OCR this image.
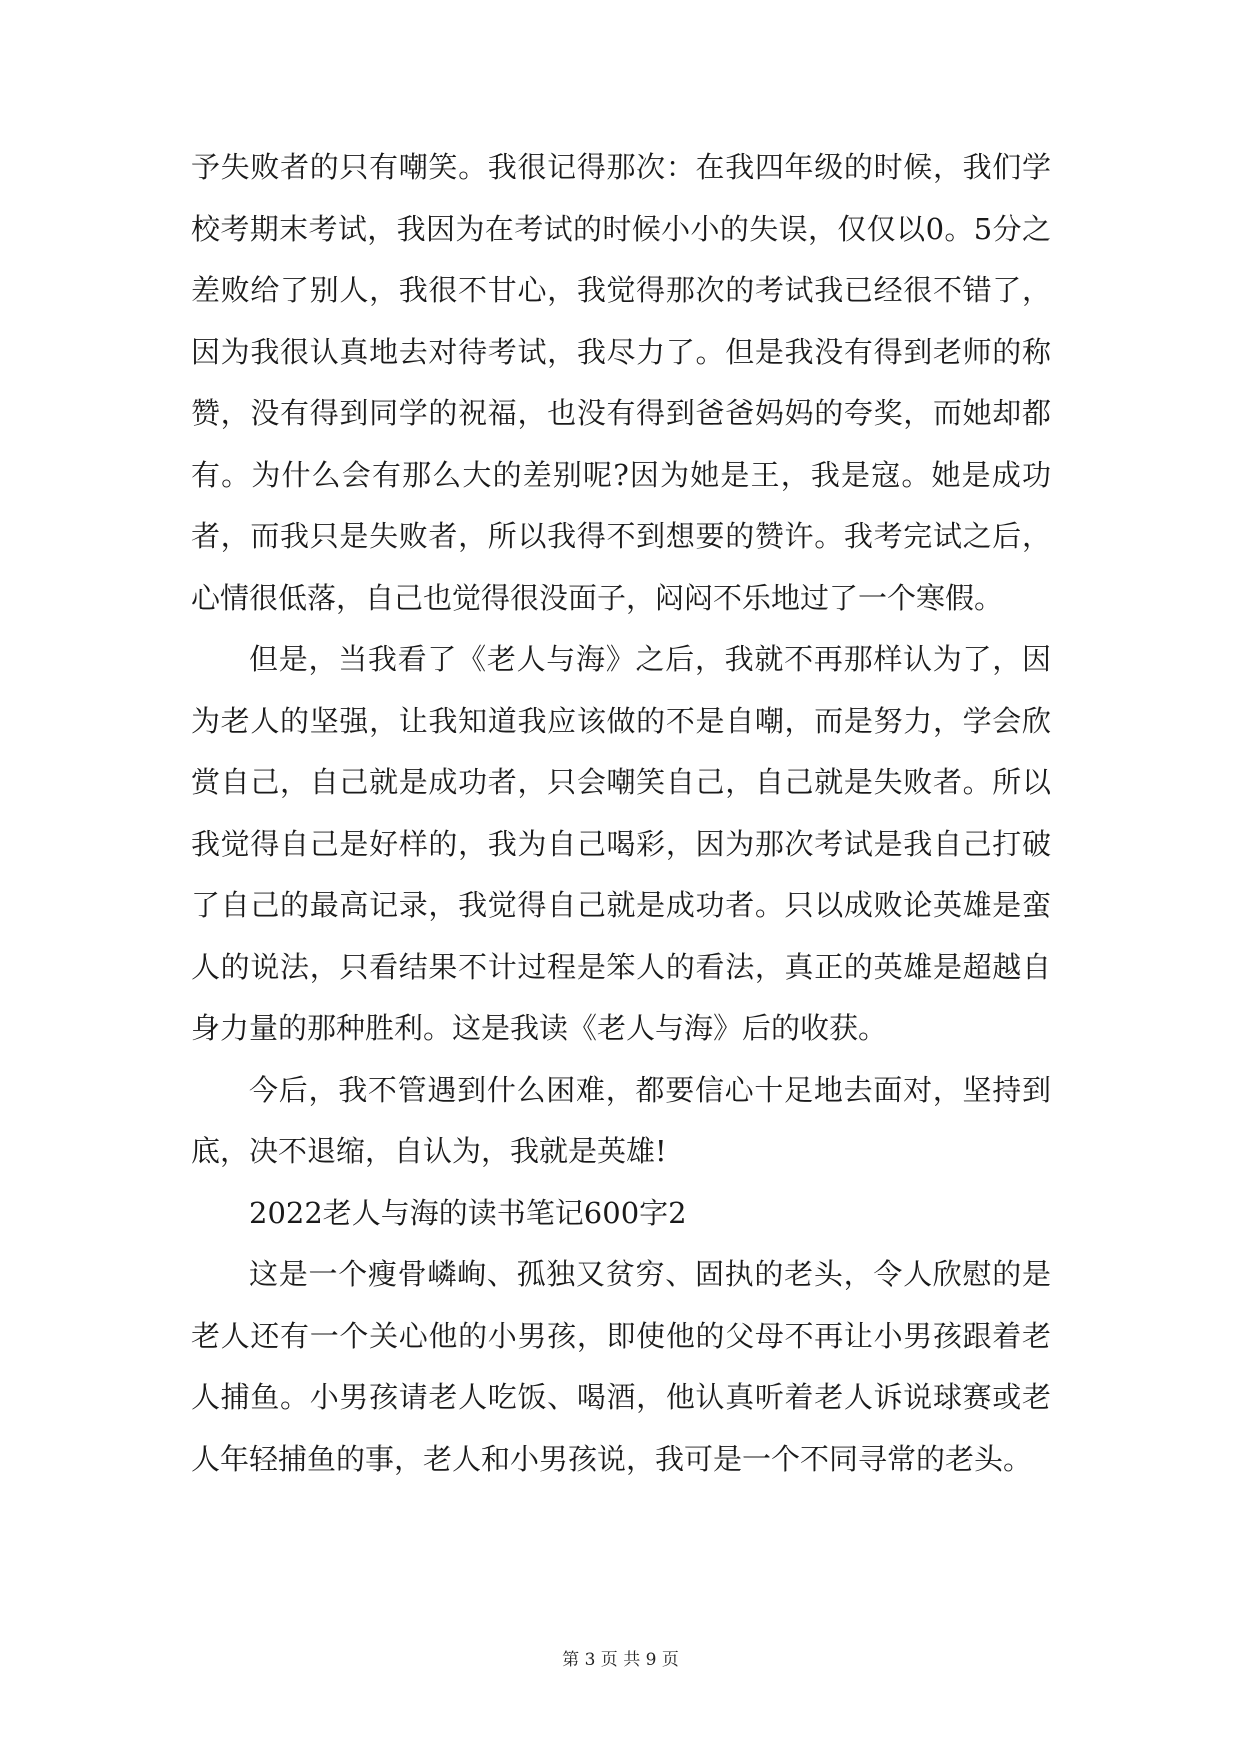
予失败者的只有嘲笑。我很记得那次：在我四年级的时候，我们学校考期末考试，我因为在考试的时候小小的失误，仅仅以0。5分之差败给了别人，我很不甘心，我觉得那次的考试我已经很不错了，因为我很认真地去对待考试，我尽力了。但是我没有得到老师的称赞，没有得到同学的祝福，也没有得到爸爸妈妈的夸奖，而她却都有。为什么会有那么大的差别呢?因为她是王，我是寇。她是成功者，而我只是失败者，所以我得不到想要的赞许。我考完试之后，心情很低落，自己也觉得很没面子，闷闷不乐地过了一个寒假。

但是，当我看了《老人与海》之后，我就不再那样认为了，因为老人的坚强，让我知道我应该做的不是自嘲，而是努力，学会欣赏自己，自己就是成功者，只会嘲笑自己，自己就是失败者。所以我觉得自己是好样的，我为自己喝彩，因为那次考试是我自己打破了自己的最高记录，我觉得自己就是成功者。只以成败论英雄是蛮人的说法，只看结果不计过程是笨人的看法，真正的英雄是超越自身力量的那种胜利。这是我读《老人与海》后的收获。

今后，我不管遇到什么困难，都要信心十足地去面对，坚持到底，决不退缩，自认为，我就是英雄!

2022老人与海的读书笔记600字2

这是一个瘦骨嶙峋、孤独又贫穷、固执的老头，令人欣慰的是老人还有一个关心他的小男孩，即使他的父母不再让小男孩跟着老人捕鱼。小男孩请老人吃饭、喝酒，他认真听着老人诉说球赛或老人年轻捕鱼的事，老人和小男孩说，我可是一个不同寻常的老头。

第 3 页 共 9 页
